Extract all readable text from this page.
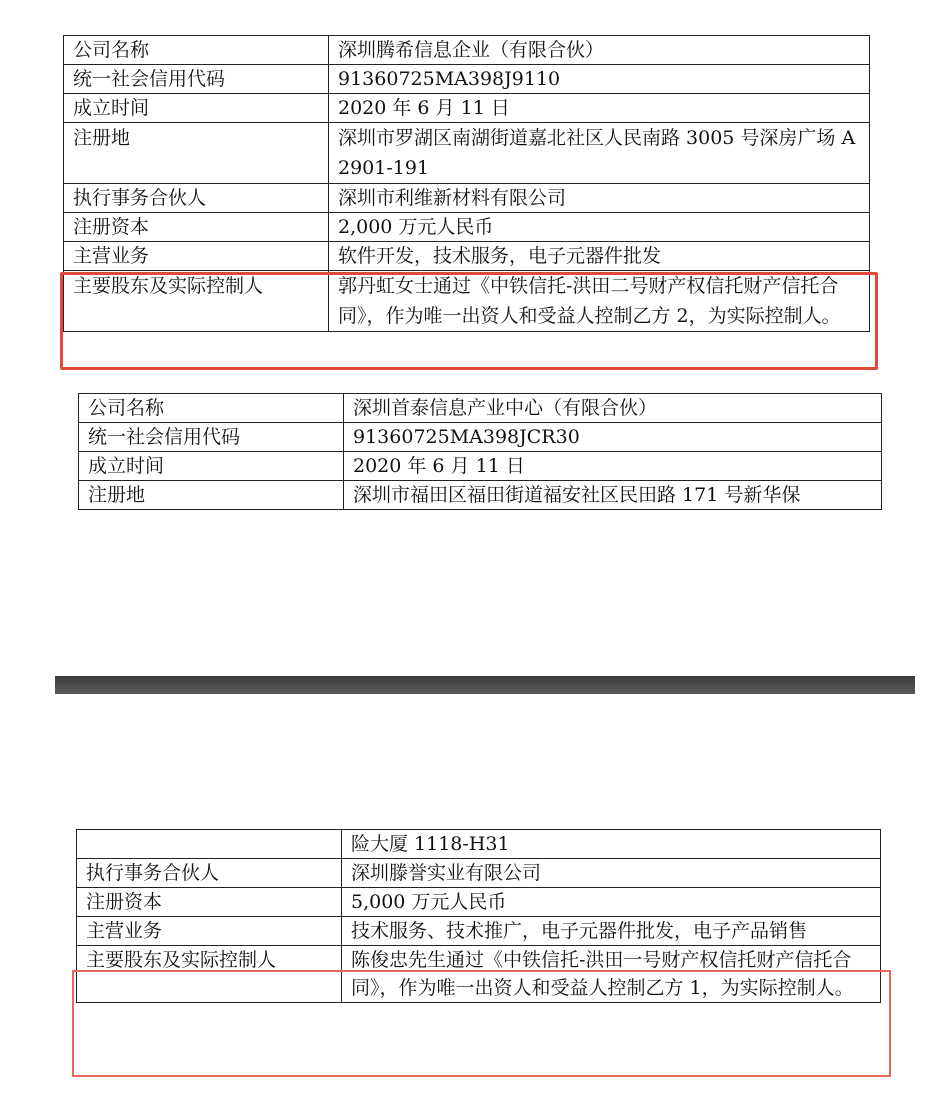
公司名称	深圳腾希信息企业（有限合伙）
统一社会信用代码	91360725MA398J9110
成立时间	2020 年 6 月 11 日
注册地	深圳市罗湖区南湖街道嘉北社区人民南路 3005 号深房广场 A2901-191
执行事务合伙人	深圳市利维新材料有限公司
注册资本	2,000 万元人民币
主营业务	软件开发，技术服务，电子元器件批发
主要股东及实际控制人	郭丹虹女士通过《中铁信托-洪田二号财产权信托财产信托合同》，作为唯一出资人和受益人控制乙方 2，为实际控制人。
公司名称	深圳首泰信息产业中心（有限合伙）
统一社会信用代码	91360725MA398JCR30
成立时间	2020 年 6 月 11 日
注册地	深圳市福田区福田街道福安社区民田路 171 号新华保
	险大厦 1118-H31
执行事务合伙人	深圳滕誉实业有限公司
注册资本	5,000 万元人民币
主营业务	技术服务、技术推广，电子元器件批发，电子产品销售
主要股东及实际控制人	陈俊忠先生通过《中铁信托-洪田一号财产权信托财产信托合同》，作为唯一出资人和受益人控制乙方 1，为实际控制人。
